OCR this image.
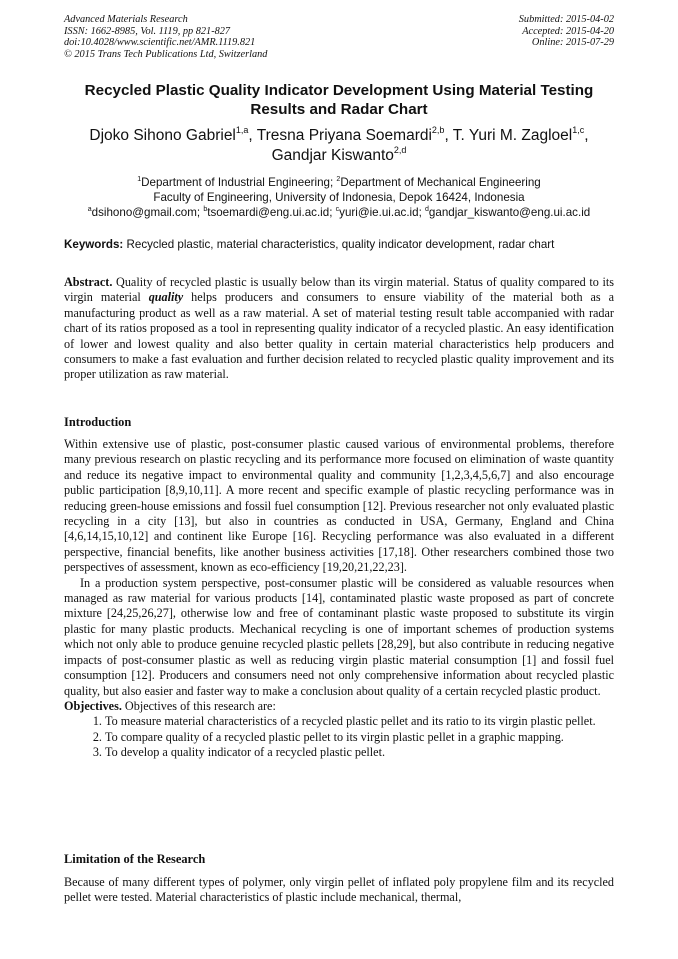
Advanced Materials Research
ISSN: 1662-8985, Vol. 1119, pp 821-827
doi:10.4028/www.scientific.net/AMR.1119.821
© 2015 Trans Tech Publications Ltd, Switzerland
Submitted: 2015-04-02
Accepted: 2015-04-20
Online: 2015-07-29
Recycled Plastic Quality Indicator Development Using Material Testing Results and Radar Chart
Djoko Sihono Gabriel$^{1,a}$, Tresna Priyana Soemardi$^{2,b}$, T. Yuri M. Zagloel$^{1,c}$,
Gandjar Kiswanto$^{2,d}$
$^1$Department of Industrial Engineering; $^2$Department of Mechanical Engineering
Faculty of Engineering, University of Indonesia, Depok 16424, Indonesia
$^a$dsihono@gmail.com; $^b$tsoemardi@eng.ui.ac.id; $^c$yuri@ie.ui.ac.id; $^d$gandjar_kiswanto@eng.ui.ac.id
Keywords: Recycled plastic, material characteristics, quality indicator development, radar chart
Abstract. Quality of recycled plastic is usually below than its virgin material. Status of quality compared to its virgin material quality helps producers and consumers to ensure viability of the material both as a manufacturing product as well as a raw material. A set of material testing result table accompanied with radar chart of its ratios proposed as a tool in representing quality indicator of a recycled plastic. An easy identification of lower and lowest quality and also better quality in certain material characteristics help producers and consumers to make a fast evaluation and further decision related to recycled plastic quality improvement and its proper utilization as raw material.
Introduction

Within extensive use of plastic, post-consumer plastic caused various of environmental problems, therefore many previous research on plastic recycling and its performance more focused on elimination of waste quantity and reduce its negative impact to environmental quality and community [1,2,3,4,5,6,7] and also encourage public participation [8,9,10,11]. A more recent and specific example of plastic recycling performance was in reducing green-house emissions and fossil fuel consumption [12]. Previous researcher not only evaluated plastic recycling in a city [13], but also in countries as conducted in USA, Germany, England and China [4,6,14,15,10,12] and continent like Europe [16]. Recycling performance was also evaluated in a different perspective, financial benefits, like another business activities [17,18]. Other researchers combined those two perspectives of assessment, known as eco-efficiency [19,20,21,22,23].

In a production system perspective, post-consumer plastic will be considered as valuable resources when managed as raw material for various products [14], contaminated plastic waste proposed as part of concrete mixture [24,25,26,27], otherwise low and free of contaminant plastic waste proposed to substitute its virgin plastic for many plastic products. Mechanical recycling is one of important schemes of production systems which not only able to produce genuine recycled plastic pellets [28,29], but also contribute in reducing negative impacts of post-consumer plastic as well as reducing virgin plastic material consumption [1] and fossil fuel consumption [12]. Producers and consumers need not only comprehensive information about recycled plastic quality, but also easier and faster way to make a conclusion about quality of a certain recycled plastic product.

Objectives. Objectives of this research are:

1. To measure material characteristics of a recycled plastic pellet and its ratio to its virgin plastic pellet.
2. To compare quality of a recycled plastic pellet to its virgin plastic pellet in a graphic mapping.
3. To develop a quality indicator of a recycled plastic pellet.
Limitation of the Research
Because of many different types of polymer, only virgin pellet of inflated poly propylene film and its recycled pellet were tested. Material characteristics of plastic include mechanical, thermal,
